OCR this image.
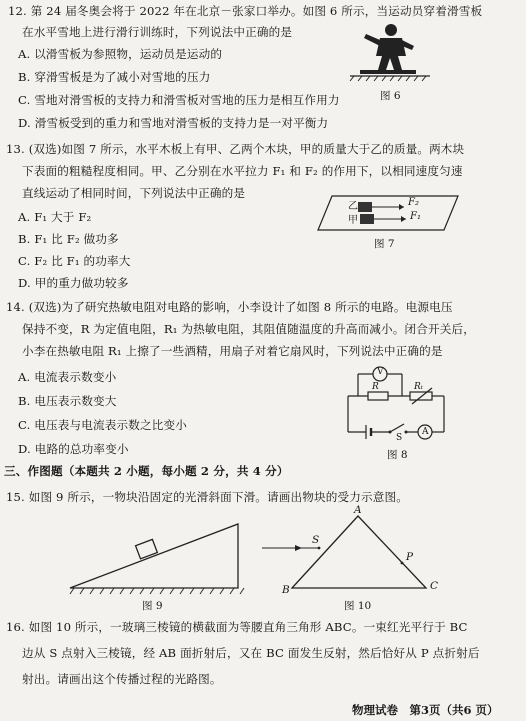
12. 第 24 届冬奥会将于 2022 年在北京－张家口举办。如图 6 所示，当运动员穿着滑雪板
在水平雪地上进行滑行训练时，下列说法中正确的是
A. 以滑雪板为参照物，运动员是运动的
B. 穿滑雪板是为了减小对雪地的压力
C. 雪地对滑雪板的支持力和滑雪板对雪地的压力是相互作用力
D. 滑雪板受到的重力和雪地对滑雪板的支持力是一对平衡力
图 6
13. (双选)如图 7 所示，水平木板上有甲、乙两个木块，甲的质量大于乙的质量。两木块
下表面的粗糙程度相同。甲、乙分别在水平拉力 F₁ 和 F₂ 的作用下，以相同速度匀速
直线运动了相同时间，下列说法中正确的是
A. F₁ 大于 F₂
B. F₁ 比 F₂ 做功多
C. F₂ 比 F₁ 的功率大
D. 甲的重力做功较多
乙
甲
F₂
F₁
图 7
14. (双选)为了研究热敏电阻对电路的影响，小李设计了如图 8 所示的电路。电源电压
保持不变，R 为定值电阻，R₁ 为热敏电阻，其阻值随温度的升高而减小。闭合开关后，
小李在热敏电阻 R₁ 上擦了一些酒精，用扇子对着它扇风时，下列说法中正确的是
A. 电流表示数变小
B. 电压表示数变大
C. 电压表与电流表示数之比变小
D. 电路的总功率变小
V
R	Rₜ
S
A
图 8
三、作图题（本题共 2 小题，每小题 2 分，共 4 分）
15. 如图 9 所示，一物块沿固定的光滑斜面下滑。请画出物块的受力示意图。
图 9
A
B	C
S
P
图 10
16. 如图 10 所示，一玻璃三棱镜的横截面为等腰直角三角形 ABC。一束红光平行于 BC
边从 S 点射入三棱镜，经 AB 面折射后，又在 BC 面发生反射，然后恰好从 P 点折射后
射出。请画出这个传播过程的光路图。
物理试卷　第3页（共6 页）
